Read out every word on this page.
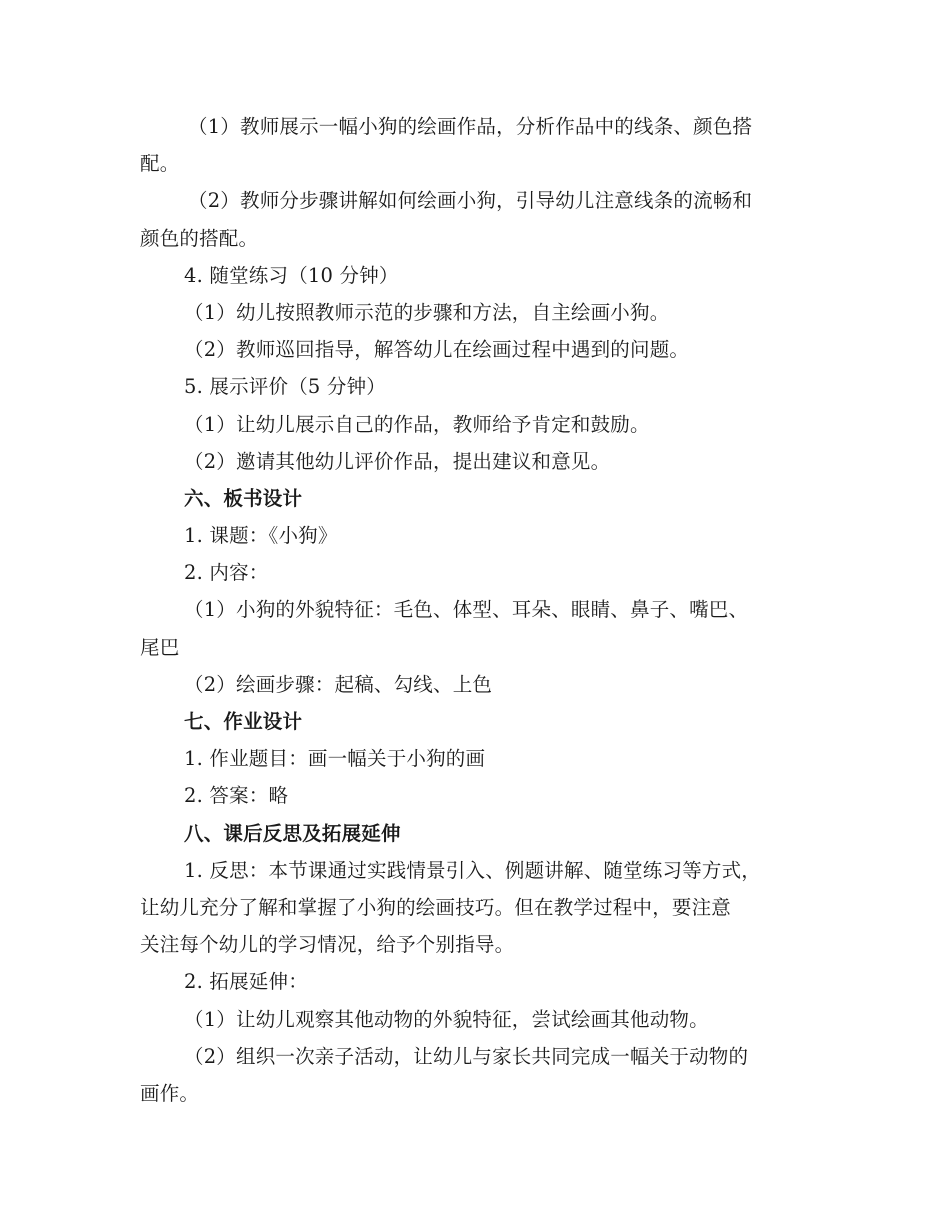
（1）教师展示一幅小狗的绘画作品，分析作品中的线条、颜色搭
配。
（2）教师分步骤讲解如何绘画小狗，引导幼儿注意线条的流畅和
颜色的搭配。
4. 随堂练习（10 分钟）
（1）幼儿按照教师示范的步骤和方法，自主绘画小狗。
（2）教师巡回指导，解答幼儿在绘画过程中遇到的问题。
5. 展示评价（5 分钟）
（1）让幼儿展示自己的作品，教师给予肯定和鼓励。
（2）邀请其他幼儿评价作品，提出建议和意见。
六、板书设计
1. 课题：《小狗》
2. 内容：
（1）小狗的外貌特征：毛色、体型、耳朵、眼睛、鼻子、嘴巴、
尾巴
（2）绘画步骤：起稿、勾线、上色
七、作业设计
1. 作业题目：画一幅关于小狗的画
2. 答案：略
八、课后反思及拓展延伸
1. 反思：本节课通过实践情景引入、例题讲解、随堂练习等方式，
让幼儿充分了解和掌握了小狗的绘画技巧。但在教学过程中，要注意
关注每个幼儿的学习情况，给予个别指导。
2. 拓展延伸：
（1）让幼儿观察其他动物的外貌特征，尝试绘画其他动物。
（2）组织一次亲子活动，让幼儿与家长共同完成一幅关于动物的
画作。
